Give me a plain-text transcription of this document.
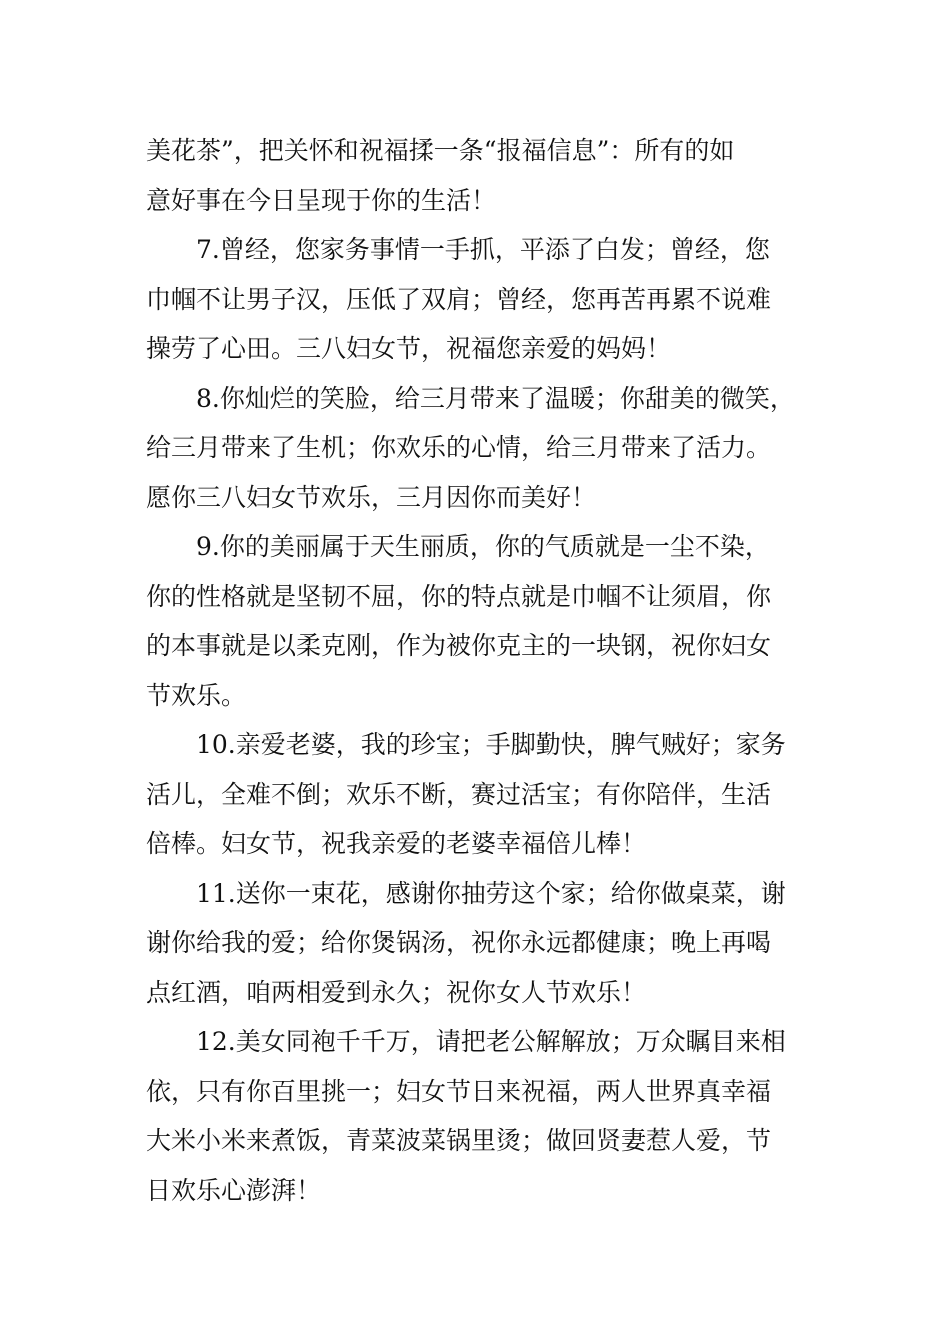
美花茶”，把关怀和祝福揉一条“报福信息”：所有的如
意好事在今日呈现于你的生活！
7.曾经，您家务事情一手抓，平添了白发；曾经，您
巾帼不让男子汉，压低了双肩；曾经，您再苦再累不说难
操劳了心田。三八妇女节，祝福您亲爱的妈妈！
8.你灿烂的笑脸，给三月带来了温暖；你甜美的微笑，
给三月带来了生机；你欢乐的心情，给三月带来了活力。
愿你三八妇女节欢乐，三月因你而美好！
9.你的美丽属于天生丽质，你的气质就是一尘不染，
你的性格就是坚韧不屈，你的特点就是巾帼不让须眉，你
的本事就是以柔克刚，作为被你克主的一块钢，祝你妇女
节欢乐。
10.亲爱老婆，我的珍宝；手脚勤快，脾气贼好；家务
活儿，全难不倒；欢乐不断，赛过活宝；有你陪伴，生活
倍棒。妇女节，祝我亲爱的老婆幸福倍儿棒！
11.送你一束花，感谢你抽劳这个家；给你做桌菜，谢
谢你给我的爱；给你煲锅汤，祝你永远都健康；晚上再喝
点红酒，咱两相爱到永久；祝你女人节欢乐！
12.美女同袍千千万，请把老公解解放；万众瞩目来相
依，只有你百里挑一；妇女节日来祝福，两人世界真幸福
大米小米来煮饭，青菜波菜锅里烫；做回贤妻惹人爱，节
日欢乐心澎湃！
